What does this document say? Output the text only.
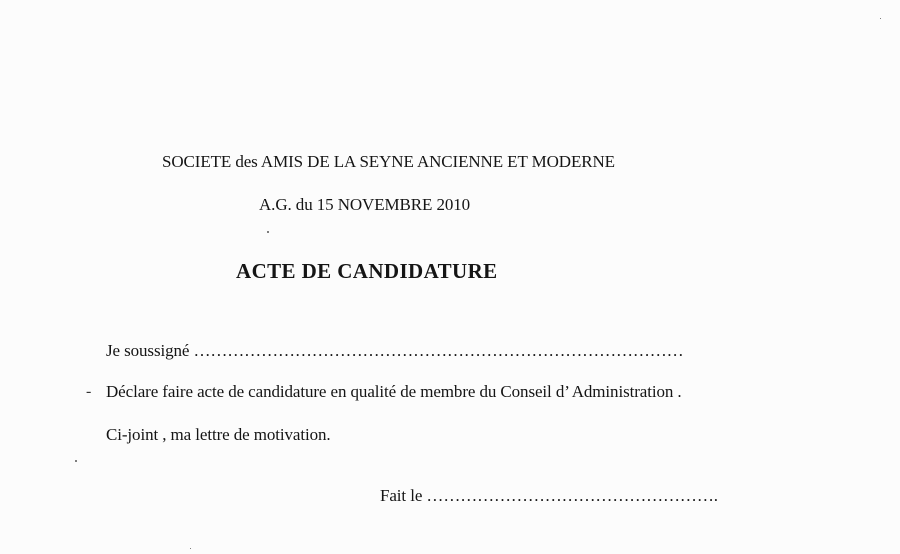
SOCIETE des AMIS DE LA SEYNE ANCIENNE ET MODERNE
A.G. du 15 NOVEMBRE 2010
ACTE DE CANDIDATURE
Je soussigné ……………………………………………………………………………
- Déclare faire acte de candidature en qualité de membre du Conseil d’ Administration .
Ci-joint , ma lettre de motivation.
Fait le …………………………………………….
